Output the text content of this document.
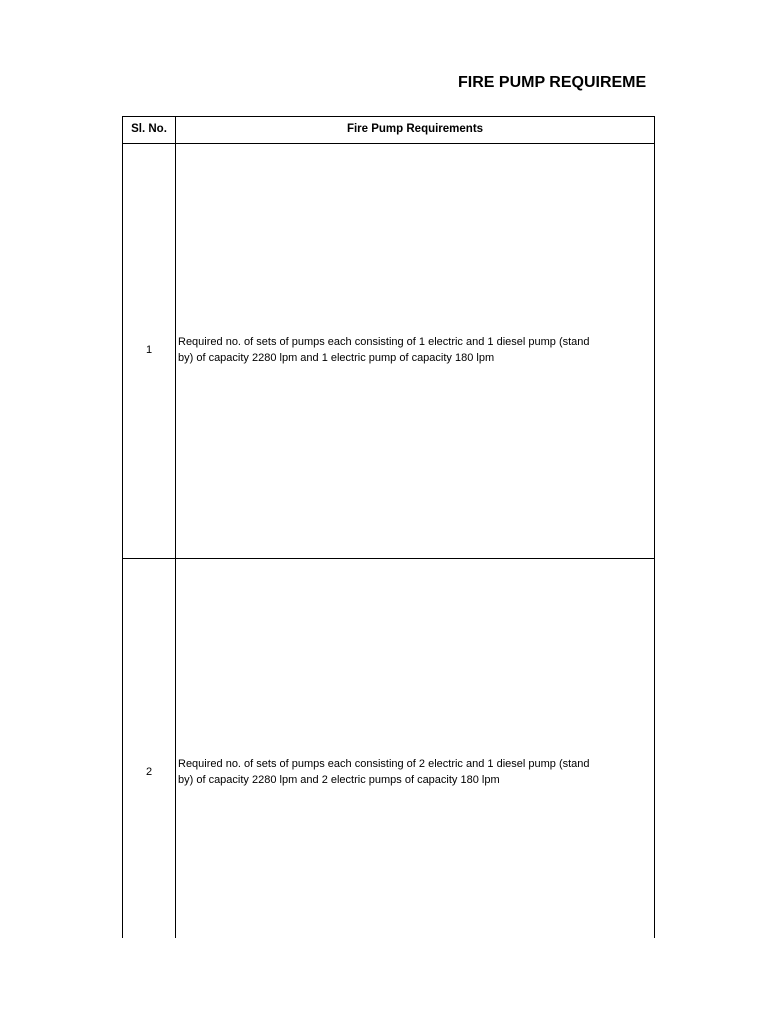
FIRE PUMP REQUIREME
Sl. No.	Fire Pump Requirements
1
Required no. of sets of pumps each consisting of 1 electric and 1 diesel pump (stand
by) of capacity 2280 lpm and 1 electric pump of capacity 180 lpm
2
Required no. of sets of pumps each consisting of 2 electric and 1 diesel pump (stand
by) of capacity 2280 lpm and 2 electric pumps of capacity 180 lpm
